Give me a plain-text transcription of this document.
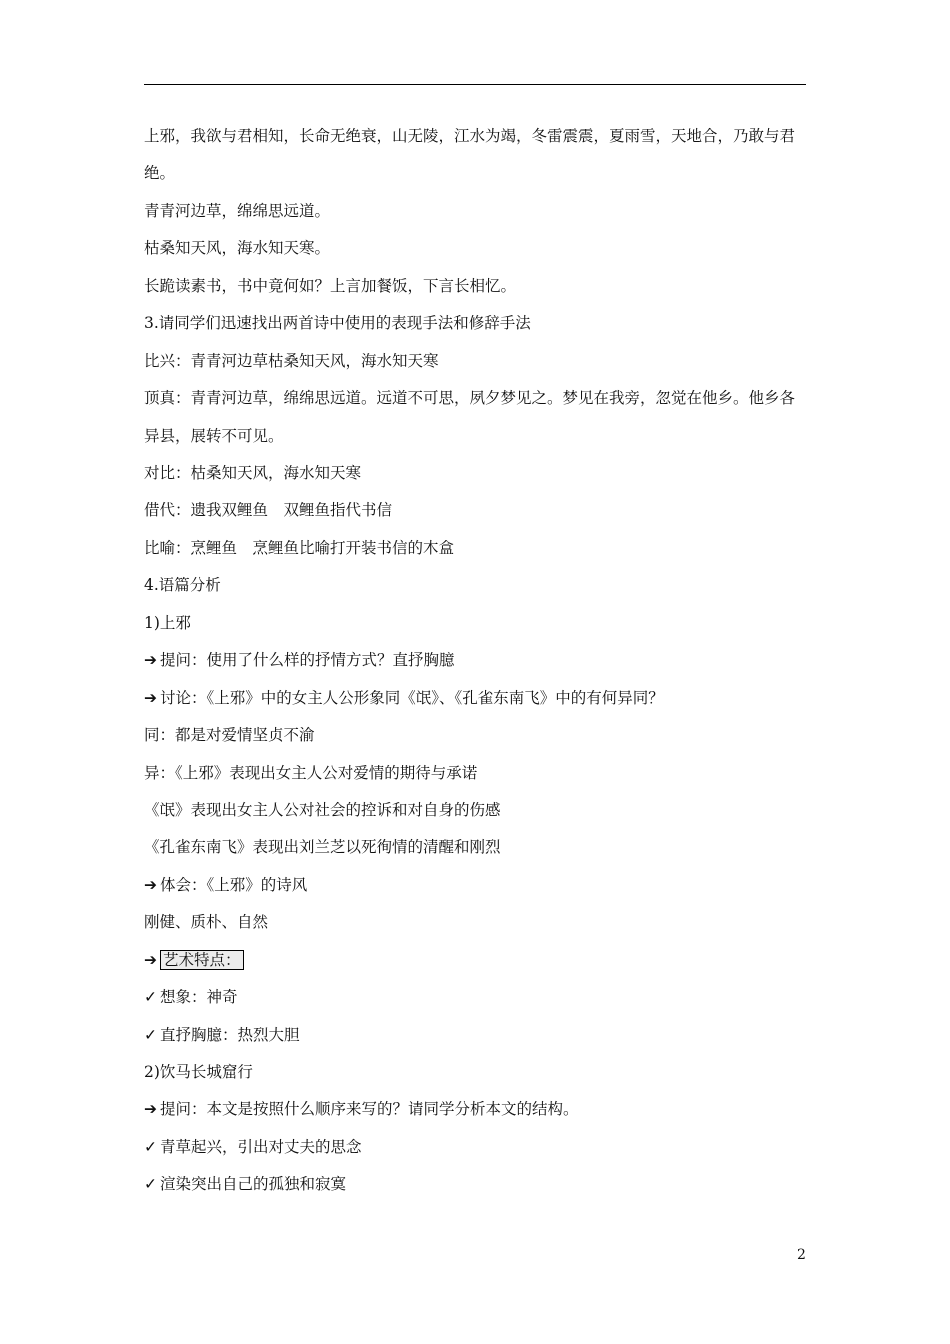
上邪，我欲与君相知，长命无绝衰，山无陵，江水为竭，冬雷震震，夏雨雪，天地合，乃敢与君
绝。
青青河边草，绵绵思远道。
枯桑知天风，海水知天寒。
长跪读素书，书中竟何如？上言加餐饭，下言长相忆。
3.请同学们迅速找出两首诗中使用的表现手法和修辞手法
比兴：青青河边草枯桑知天风，海水知天寒
顶真：青青河边草，绵绵思远道。远道不可思，夙夕梦见之。梦见在我旁，忽觉在他乡。他乡各
异县，展转不可见。
对比：枯桑知天风，海水知天寒
借代：遗我双鲤鱼　双鲤鱼指代书信
比喻：烹鲤鱼　烹鲤鱼比喻打开装书信的木盒
4.语篇分析
1)上邪
➔ 提问：使用了什么样的抒情方式？直抒胸臆
➔ 讨论：《上邪》中的女主人公形象同《氓》、《孔雀东南飞》中的有何异同？
同：都是对爱情坚贞不渝
异：《上邪》表现出女主人公对爱情的期待与承诺
《氓》表现出女主人公对社会的控诉和对自身的伤感
《孔雀东南飞》表现出刘兰芝以死徇情的清醒和刚烈
➔ 体会：《上邪》的诗风
刚健、质朴、自然
➔ 艺术特点：
✓ 想象：神奇
✓ 直抒胸臆：热烈大胆
2)饮马长城窟行
➔ 提问：本文是按照什么顺序来写的？请同学分析本文的结构。
✓ 青草起兴，引出对丈夫的思念
✓ 渲染突出自己的孤独和寂寞
2
